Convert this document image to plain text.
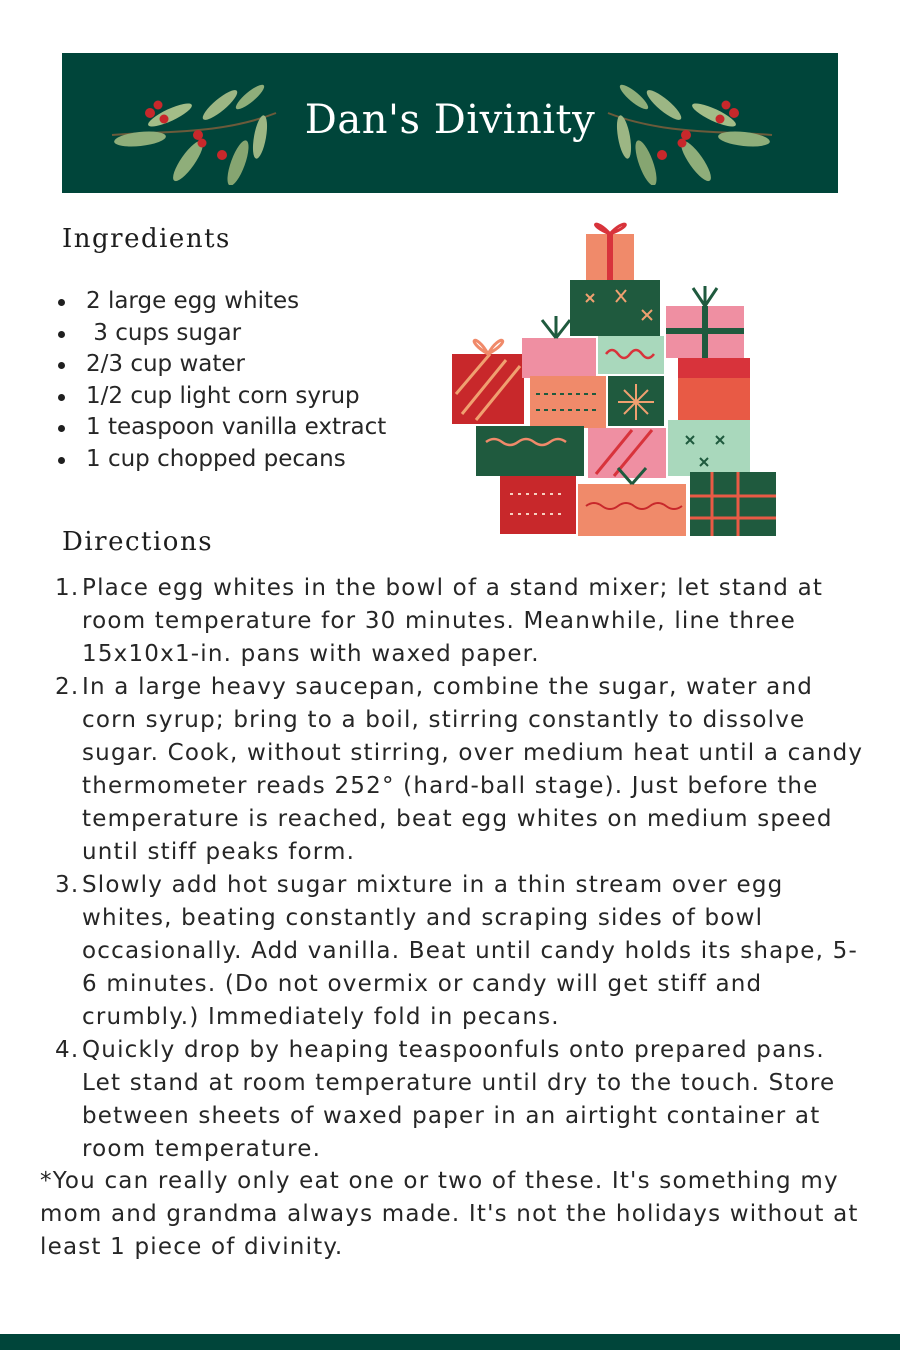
Dan's Divinity
Ingredients
2 large egg whites
3 cups sugar
2/3 cup water
1/2 cup light corn syrup
1 teaspoon vanilla extract
1 cup chopped pecans
Directions
1. Place egg whites in the bowl of a stand mixer; let stand at room temperature for 30 minutes. Meanwhile, line three 15x10x1-in. pans with waxed paper.
2. In a large heavy saucepan, combine the sugar, water and corn syrup; bring to a boil, stirring constantly to dissolve sugar. Cook, without stirring, over medium heat until a candy thermometer reads 252° (hard-ball stage). Just before the temperature is reached, beat egg whites on medium speed until stiff peaks form.
3. Slowly add hot sugar mixture in a thin stream over egg whites, beating constantly and scraping sides of bowl occasionally. Add vanilla. Beat until candy holds its shape, 5-6 minutes. (Do not overmix or candy will get stiff and crumbly.) Immediately fold in pecans.
4. Quickly drop by heaping teaspoonfuls onto prepared pans. Let stand at room temperature until dry to the touch. Store between sheets of waxed paper in an airtight container at room temperature.
*You can really only eat one or two of these. It's something my mom and grandma always made. It's not the holidays without at least 1 piece of divinity.
